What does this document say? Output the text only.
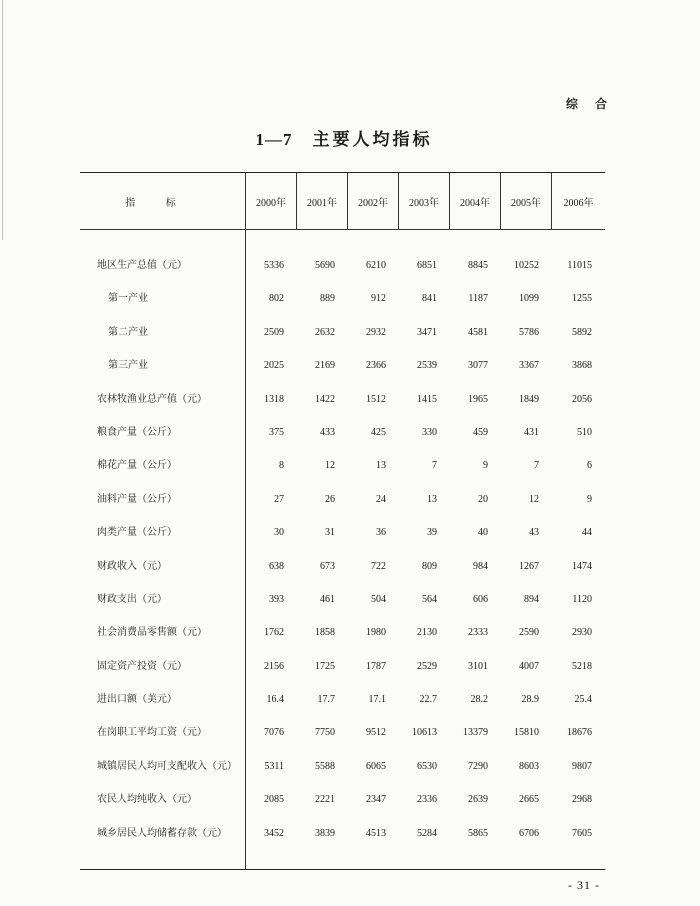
综 合
1—7 主要人均指标
指 标	2000年	2001年	2002年	2003年	2004年	2005年	2006年
地区生产总值（元）	5336	5690	6210	6851	8845	10252	11015
第一产业	802	889	912	841	1187	1099	1255
第二产业	2509	2632	2932	3471	4581	5786	5892
第三产业	2025	2169	2366	2539	3077	3367	3868
农林牧渔业总产值（元）	1318	1422	1512	1415	1965	1849	2056
粮食产量（公斤）	375	433	425	330	459	431	510
棉花产量（公斤）	8	12	13	7	9	7	6
油料产量（公斤）	27	26	24	13	20	12	9
肉类产量（公斤）	30	31	36	39	40	43	44
财政收入（元）	638	673	722	809	984	1267	1474
财政支出（元）	393	461	504	564	606	894	1120
社会消费品零售额（元）	1762	1858	1980	2130	2333	2590	2930
固定资产投资（元）	2156	1725	1787	2529	3101	4007	5218
进出口额（美元）	16.4	17.7	17.1	22.7	28.2	28.9	25.4
在岗职工平均工资（元）	7076	7750	9512	10613	13379	15810	18676
城镇居民人均可支配收入（元）	5311	5588	6065	6530	7290	8603	9807
农民人均纯收入（元）	2085	2221	2347	2336	2639	2665	2968
城乡居民人均储蓄存款（元）	3452	3839	4513	5284	5865	6706	7605
- 31 -
